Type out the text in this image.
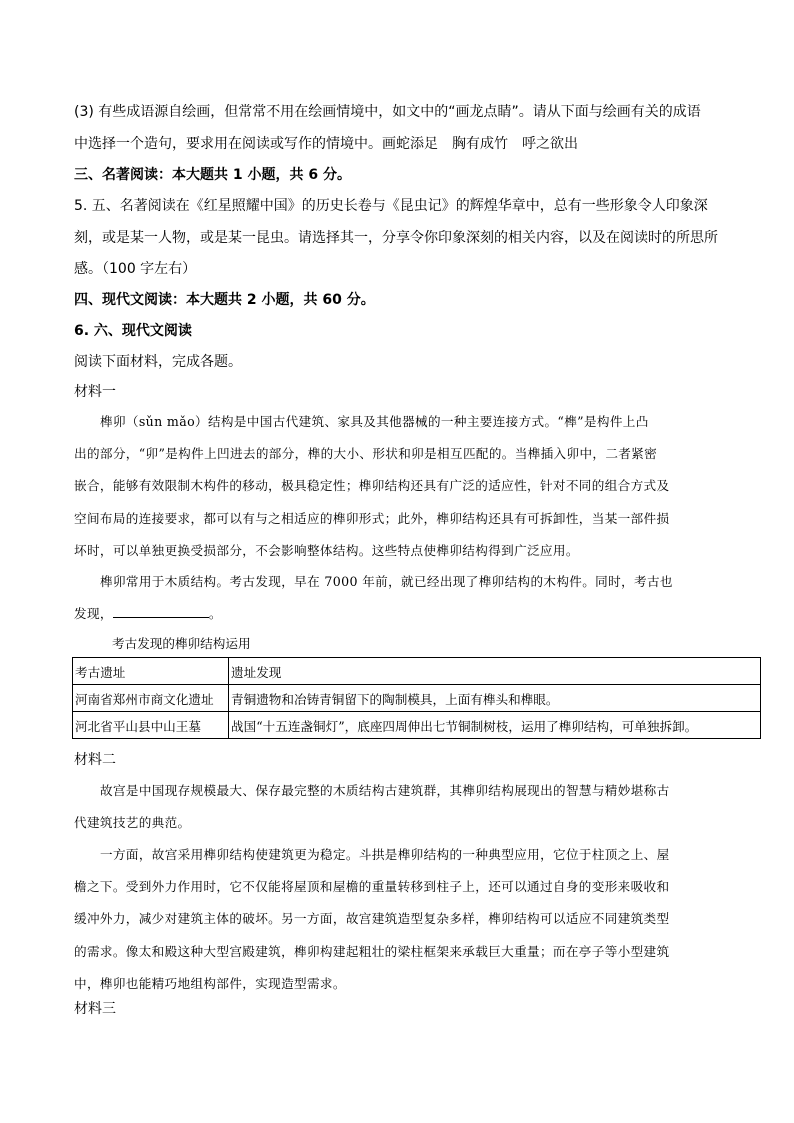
(3) 有些成语源自绘画，但常常不用在绘画情境中，如文中的“画龙点睛”。请从下面与绘画有关的成语
中选择一个造句，要求用在阅读或写作的情境中。画蛇添足　胸有成竹　呼之欲出
三、名著阅读：本大题共 1 小题，共 6 分。
5. 五、名著阅读在《红星照耀中国》的历史长卷与《昆虫记》的辉煌华章中，总有一些形象令人印象深
刻，或是某一人物，或是某一昆虫。请选择其一，分享令你印象深刻的相关内容，以及在阅读时的所思所
感。（100 字左右）
四、现代文阅读：本大题共 2 小题，共 60 分。
6. 六、现代文阅读
阅读下面材料，完成各题。
材料一
榫卯（sǔn mǎo）结构是中国古代建筑、家具及其他器械的一种主要连接方式。“榫”是构件上凸
出的部分，“卯”是构件上凹进去的部分，榫的大小、形状和卯是相互匹配的。当榫插入卯中，二者紧密
嵌合，能够有效限制木构件的移动，极具稳定性；榫卯结构还具有广泛的适应性，针对不同的组合方式及
空间布局的连接要求，都可以有与之相适应的榫卯形式；此外，榫卯结构还具有可拆卸性，当某一部件损
坏时，可以单独更换受损部分，不会影响整体结构。这些特点使榫卯结构得到广泛应用。
榫卯常用于木质结构。考古发现，早在 7000 年前，就已经出现了榫卯结构的木构件。同时，考古也
发现，	。
考古发现的榫卯结构运用
考古遗址	遗址发现
河南省郑州市商文化遗址	青铜遗物和冶铸青铜留下的陶制模具，上面有榫头和榫眼。
河北省平山县中山王墓	战国“十五连盏铜灯”，底座四周伸出七节铜制树枝，运用了榫卯结构，可单独拆卸。
材料二
故宫是中国现存规模最大、保存最完整的木质结构古建筑群，其榫卯结构展现出的智慧与精妙堪称古
代建筑技艺的典范。
一方面，故宫采用榫卯结构使建筑更为稳定。斗拱是榫卯结构的一种典型应用，它位于柱顶之上、屋
檐之下。受到外力作用时，它不仅能将屋顶和屋檐的重量转移到柱子上，还可以通过自身的变形来吸收和
缓冲外力，减少对建筑主体的破坏。另一方面，故宫建筑造型复杂多样，榫卯结构可以适应不同建筑类型
的需求。像太和殿这种大型宫殿建筑，榫卯构建起粗壮的梁柱框架来承载巨大重量；而在亭子等小型建筑
中，榫卯也能精巧地组构部件，实现造型需求。
材料三
